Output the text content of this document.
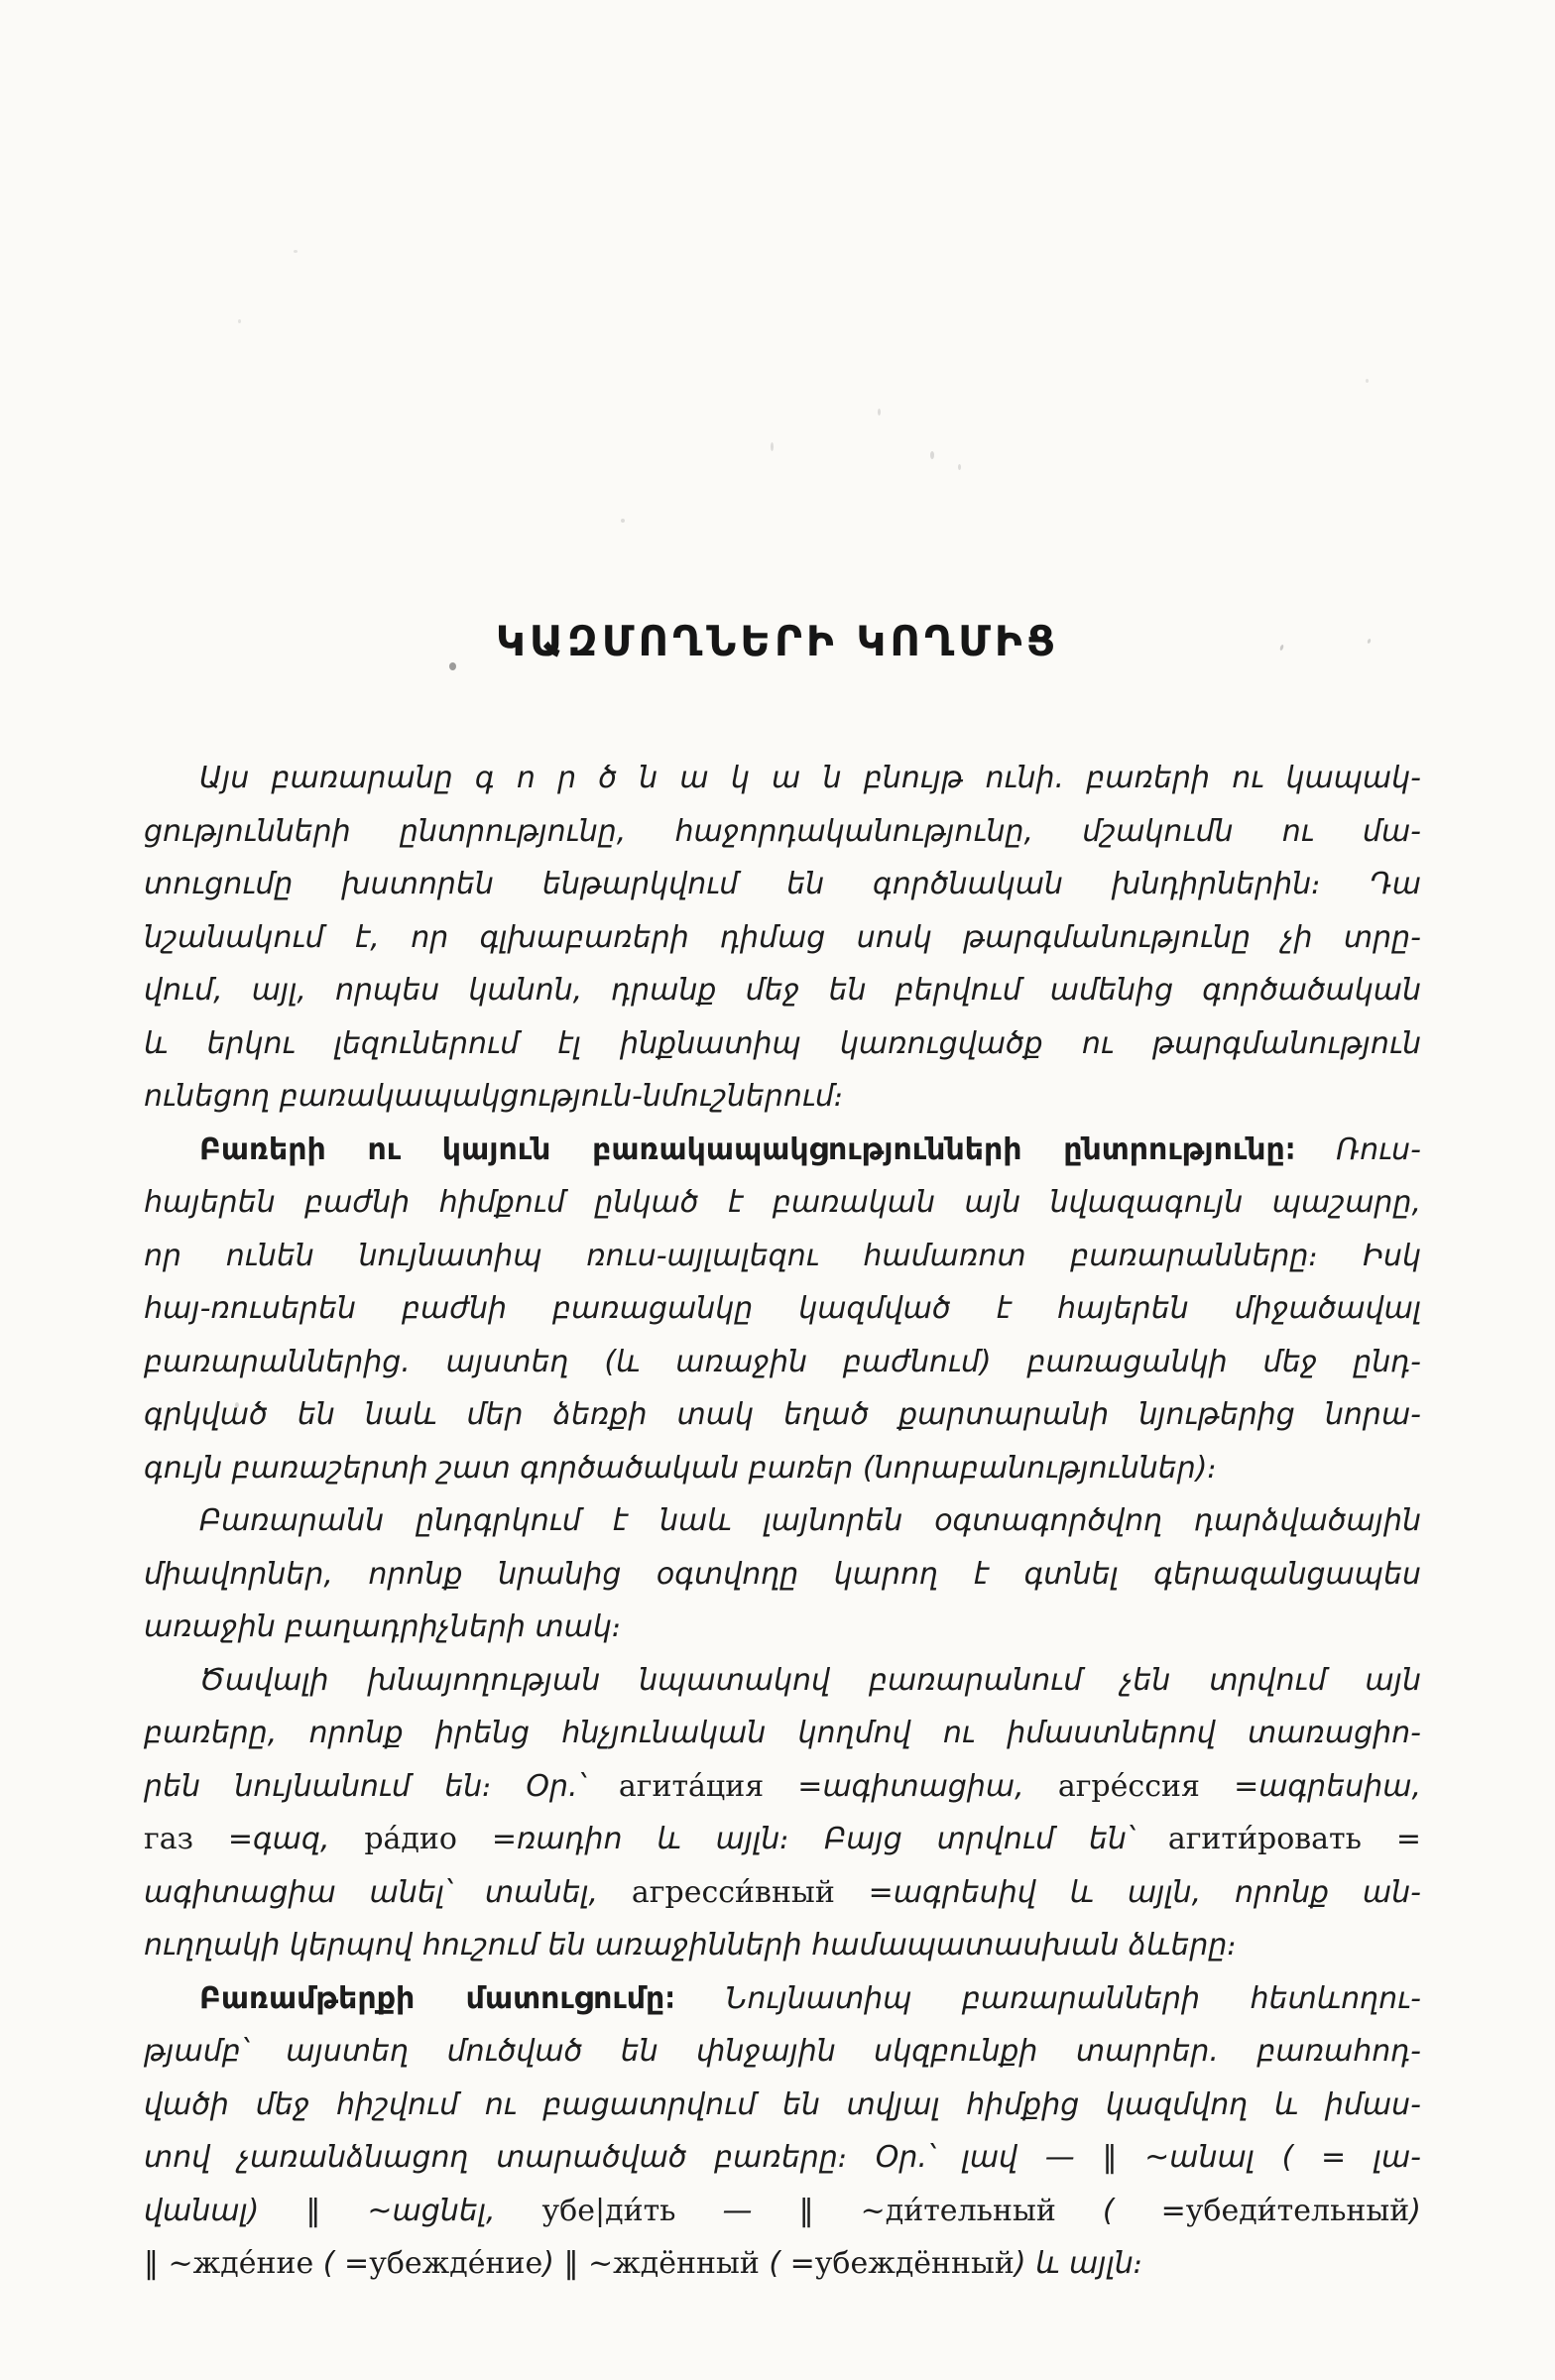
ԿԱԶՄՈՂՆԵՐԻ ԿՈՂՄԻՑ
Այս բառարանը գ ո ր ծ ն ա կ ա ն բնույթ ունի. բառերի ու կապակ-
ցությունների ընտրությունը, հաջորդականությունը, մշակումն ու մա-
տուցումը խստորեն ենթարկվում են գործնական խնդիրներին։ Դա
նշանակում է, որ գլխաբառերի դիմաց սոսկ թարգմանությունը չի տրը-
վում, այլ, որպես կանոն, դրանք մեջ են բերվում ամենից գործածական
և երկու լեզուներում էլ ինքնատիպ կառուցվածք ու թարգմանություն
ունեցող բառակապակցություն-նմուշներում։
Բառերի ու կայուն բառակապակցությունների ընտրությունը։ Ռուս-
հայերեն բաժնի հիմքում ընկած է բառական այն նվազագույն պաշարը,
որ ունեն նույնատիպ ռուս-այլալեզու համառոտ բառարանները։ Իսկ
հայ-ռուսերեն բաժնի բառացանկը կազմված է հայերեն միջածավալ
բառարաններից. այստեղ (և առաջին բաժնում) բառացանկի մեջ ընդ-
գրկված են նաև մեր ձեռքի տակ եղած քարտարանի նյութերից նորա-
գույն բառաշերտի շատ գործածական բառեր (նորաբանություններ)։
Բառարանն ընդգրկում է նաև լայնորեն օգտագործվող դարձվածային
միավորներ, որոնք նրանից օգտվողը կարող է գտնել գերազանցապես
առաջին բաղադրիչների տակ։
Ծավալի խնայողության նպատակով բառարանում չեն տրվում այն
բառերը, որոնք իրենց հնչյունական կողմով ու իմաստներով տառացիո-
րեն նույնանում են։ Օր.՝ агита́ция =ագիտացիա, агре́ссия =ագրեսիա,
газ =գազ, ра́дио =ռադիո և այլն։ Բայց տրվում են՝ агити́ровать =
ագիտացիա անել՝ տանել, агресси́вный =ագրեսիվ և այլն, որոնք ան-
ուղղակի կերպով հուշում են առաջինների համապատասխան ձևերը։
Բառամթերքի մատուցումը։ Նույնատիպ բառարանների հետևողու-
թյամբ՝ այստեղ մուծված են փնջային սկզբունքի տարրեր. բառահոդ-
վածի մեջ հիշվում ու բացատրվում են տվյալ հիմքից կազմվող և իմաս-
տով չառանձնացող տարածված բառերը։ Օր.՝ լավ — ‖ ~անալ ( = լա-
վանալ) ‖ ~ացնել, убе|ди́ть — ‖ ~ди́тельный ( =убеди́тельный)
‖ ~жде́ние ( =убежде́ние) ‖ ~ждённый ( =убеждённый) և այլն։
